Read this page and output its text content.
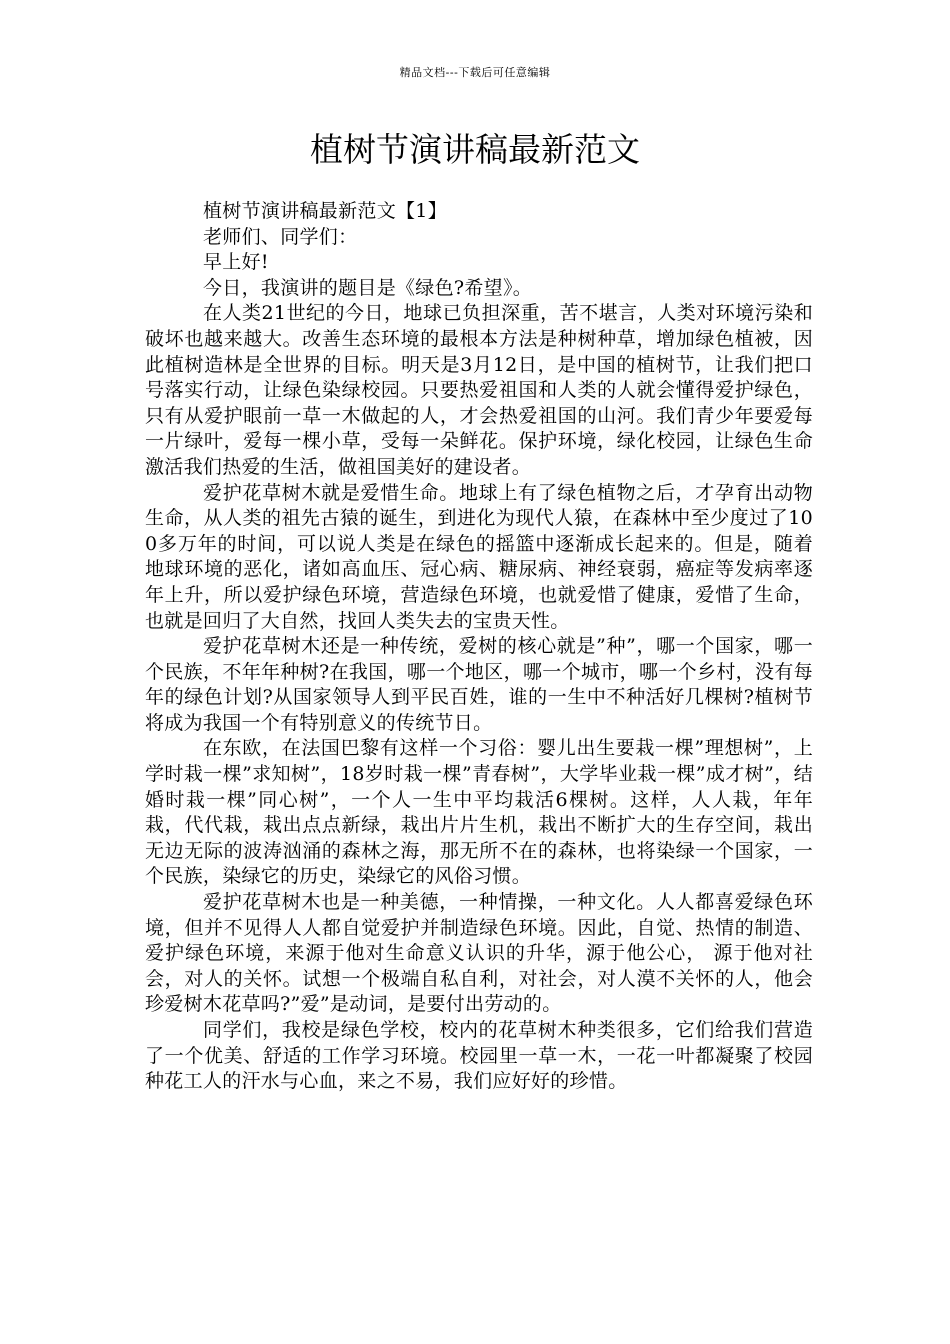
精品文档---下载后可任意编辑
植树节演讲稿最新范文

植树节演讲稿最新范文【1】

老师们、同学们：

早上好!

今日，我演讲的题目是《绿色?希望》。

在人类21世纪的今日，地球已负担深重，苦不堪言，人类对环境污染和破坏也越来越大。改善生态环境的最根本方法是种树种草，增加绿色植被，因此植树造林是全世界的目标。明天是3月12日，是中国的植树节，让我们把口号落实行动，让绿色染绿校园。只要热爱祖国和人类的人就会懂得爱护绿色，只有从爱护眼前一草一木做起的人，才会热爱祖国的山河。我们青少年要爱每一片绿叶，爱每一棵小草，受每一朵鲜花。保护环境，绿化校园，让绿色生命激活我们热爱的生活，做祖国美好的建设者。

爱护花草树木就是爱惜生命。地球上有了绿色植物之后，才孕育出动物生命，从人类的祖先古猿的诞生，到进化为现代人猿，在森林中至少度过了100多万年的时间，可以说人类是在绿色的摇篮中逐渐成长起来的。但是，随着地球环境的恶化，诸如高血压、冠心病、糖尿病、神经衰弱，癌症等发病率逐年上升，所以爱护绿色环境，营造绿色环境，也就爱惜了健康，爱惜了生命，也就是回归了大自然，找回人类失去的宝贵天性。

爱护花草树木还是一种传统，爱树的核心就是”种”，哪一个国家，哪一个民族，不年年种树?在我国，哪一个地区，哪一个城市，哪一个乡村，没有每年的绿色计划?从国家领导人到平民百姓，谁的一生中不种活好几棵树?植树节将成为我国一个有特别意义的传统节日。

在东欧，在法国巴黎有这样一个习俗：婴儿出生要栽一棵”理想树”，上学时栽一棵”求知树”，18岁时栽一棵”青春树”，大学毕业栽一棵”成才树”，结婚时栽一棵”同心树”，一个人一生中平均栽活6棵树。这样，人人栽，年年栽，代代栽，栽出点点新绿，栽出片片生机，栽出不断扩大的生存空间，栽出无边无际的波涛汹涌的森林之海，那无所不在的森林，也将染绿一个国家，一个民族，染绿它的历史，染绿它的风俗习惯。

爱护花草树木也是一种美德，一种情操，一种文化。人人都喜爱绿色环境，但并不见得人人都自觉爱护并制造绿色环境。因此，自觉、热情的制造、爱护绿色环境，来源于他对生命意义认识的升华，源于他公心， 源于他对社会，对人的关怀。试想一个极端自私自利，对社会，对人漠不关怀的人，他会珍爱树木花草吗?”爱”是动词，是要付出劳动的。

同学们，我校是绿色学校，校内的花草树木种类很多，它们给我们营造了一个优美、舒适的工作学习环境。校园里一草一木，一花一叶都凝聚了校园种花工人的汗水与心血，来之不易，我们应好好的珍惜。
